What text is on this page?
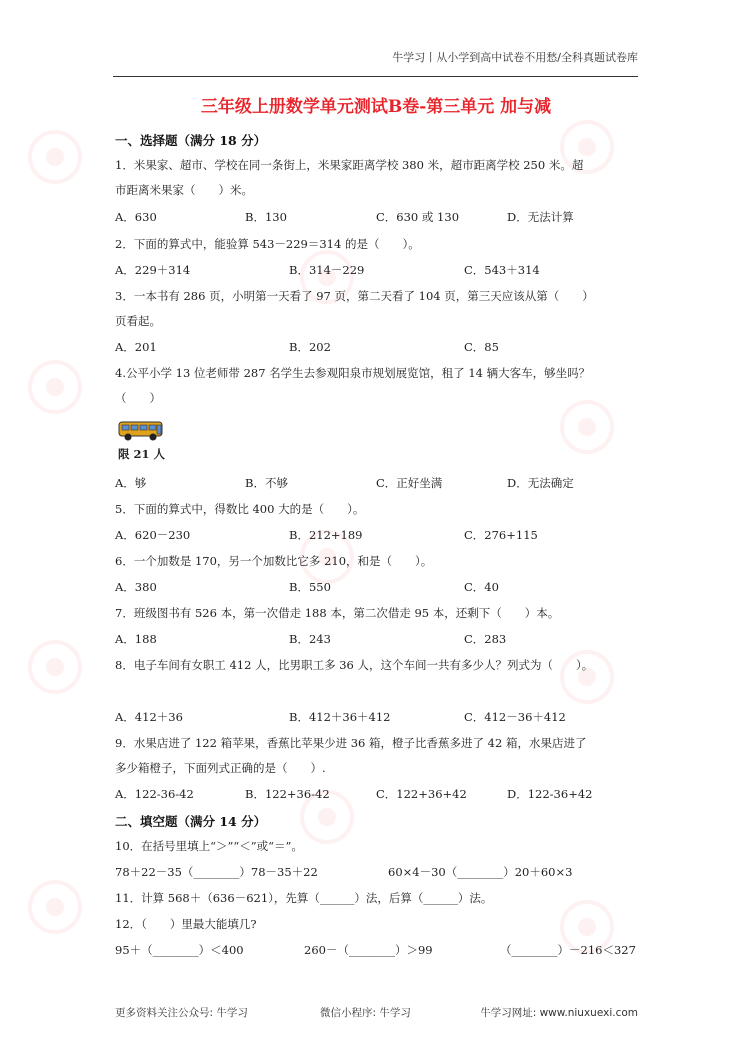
牛学习丨从小学到高中试卷不用愁/全科真题试卷库
三年级上册数学单元测试B卷-第三单元 加与减
一、选择题（满分 18 分）
1．米果家、超市、学校在同一条街上，米果家距离学校 380 米，超市距离学校 250 米。超
市距离米果家（　　）米。
A．630	B．130	C．630 或 130	D．无法计算
2．下面的算式中，能验算 543－229＝314 的是（　　）。
A．229＋314	B．314－229	C．543＋314
3．一本书有 286 页，小明第一天看了 97 页，第二天看了 104 页，第三天应该从第（　　）
页看起。
A．201	B．202	C．85
4.公平小学 13 位老师带 287 名学生去参观阳泉市规划展览馆，租了 14 辆大客车，够坐吗？
（　　）
限 21 人
A．够	B．不够	C．正好坐满	D．无法确定
5．下面的算式中，得数比 400 大的是（　　）。
A．620－230	B．212+189	C．276+115
6．一个加数是 170，另一个加数比它多 210，和是（　　）。
A．380	B．550	C．40
7．班级图书有 526 本，第一次借走 188 本，第二次借走 95 本，还剩下（　　）本。
A．188	B．243	C．283
8．电子车间有女职工 412 人，比男职工多 36 人，这个车间一共有多少人？列式为（　　）。
A．412＋36	B．412＋36＋412	C．412－36＋412
9．水果店进了 122 箱苹果，香蕉比苹果少进 36 箱，橙子比香蕉多进了 42 箱，水果店进了
多少箱橙子，下面列式正确的是（　　）.
A．122-36-42	B．122+36-42	C．122+36+42	D．122-36+42
二、填空题（满分 14 分）
10．在括号里填上“＞”“＜”或“＝”。
78＋22－35（________）78－35＋22	60×4－30（________）20＋60×3
11．计算 568＋（636－621），先算（______）法，后算（______）法。
12．（　　）里最大能填几?
95＋（________）＜400	260－（________）＞99	（________）－216＜327
更多资料关注公众号: 牛学习	微信小程序: 牛学习	牛学习网址: www.niuxuexi.com
